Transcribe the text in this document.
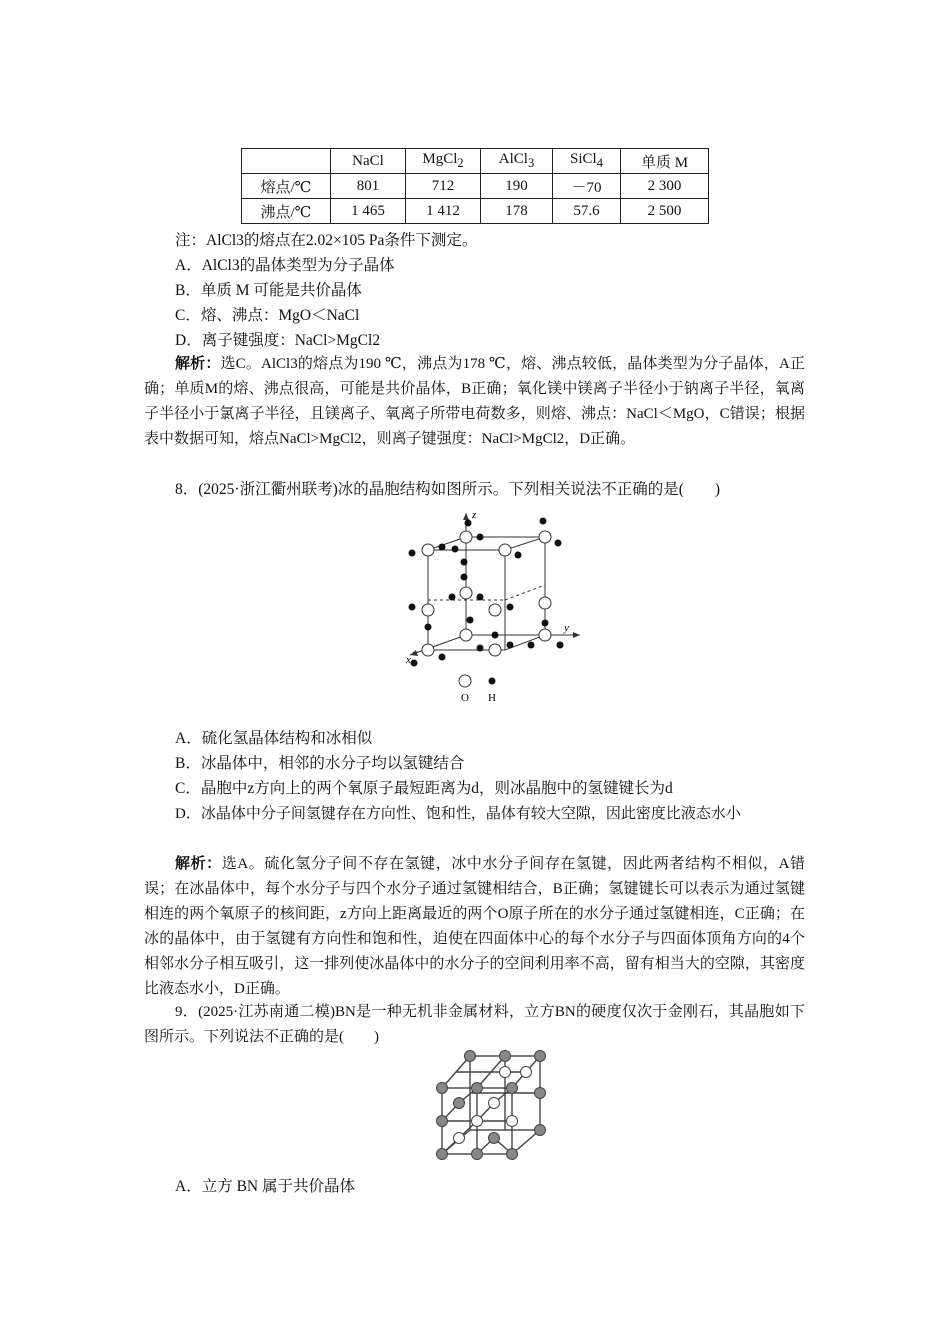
	NaCl	MgCl$_2$	AlCl$_3$	SiCl$_4$	单质 M
熔点/℃	801	712	190	－70	2 300
沸点/℃	1 465	1 412	178	57.6	2 500
注：AlCl3的熔点在2.02×105 Pa条件下测定。
A．AlCl3的晶体类型为分子晶体
B．单质 M 可能是共价晶体
C．熔、沸点：MgO＜NaCl
D．离子键强度：NaCl>MgCl2

解析：选C。AlCl3的熔点为190 ℃，沸点为178 ℃，熔、沸点较低，晶体类型为分子晶体，A正确；单质M的熔、沸点很高，可能是共价晶体，B正确；氧化镁中镁离子半径小于钠离子半径，氧离子半径小于氯离子半径，且镁离子、氧离子所带电荷数多，则熔、沸点：NaCl＜MgO，C错误；根据表中数据可知，熔点NaCl>MgCl2，则离子键强度：NaCl>MgCl2，D正确。

8．(2025·浙江衢州联考)冰的晶胞结构如图所示。下列相关说法不正确的是(　　)
z
y
x
O H
A．硫化氢晶体结构和冰相似
B．冰晶体中，相邻的水分子均以氢键结合
C．晶胞中z方向上的两个氧原子最短距离为d，则冰晶胞中的氢键键长为d

D．冰晶体中分子间氢键存在方向性、饱和性，晶体有较大空隙，因此密度比液态水小

解析：选A。硫化氢分子间不存在氢键，冰中水分子间存在氢键，因此两者结构不相似，A错误；在冰晶体中，每个水分子与四个水分子通过氢键相结合，B正确；氢键键长可以表示为通过氢键相连的两个氧原子的核间距，z方向上距离最近的两个O原子所在的水分子通过氢键相连，C正确；在冰的晶体中，由于氢键有方向性和饱和性，迫使在四面体中心的每个水分子与四面体顶角方向的4个相邻水分子相互吸引，这一排列使冰晶体中的水分子的空间利用率不高，留有相当大的空隙，其密度比液态水小，D正确。

9．(2025·江苏南通二模)BN是一种无机非金属材料，立方BN的硬度仅次于金刚石，其晶胞如下图所示。下列说法不正确的是(　　)

A．立方 BN 属于共价晶体
